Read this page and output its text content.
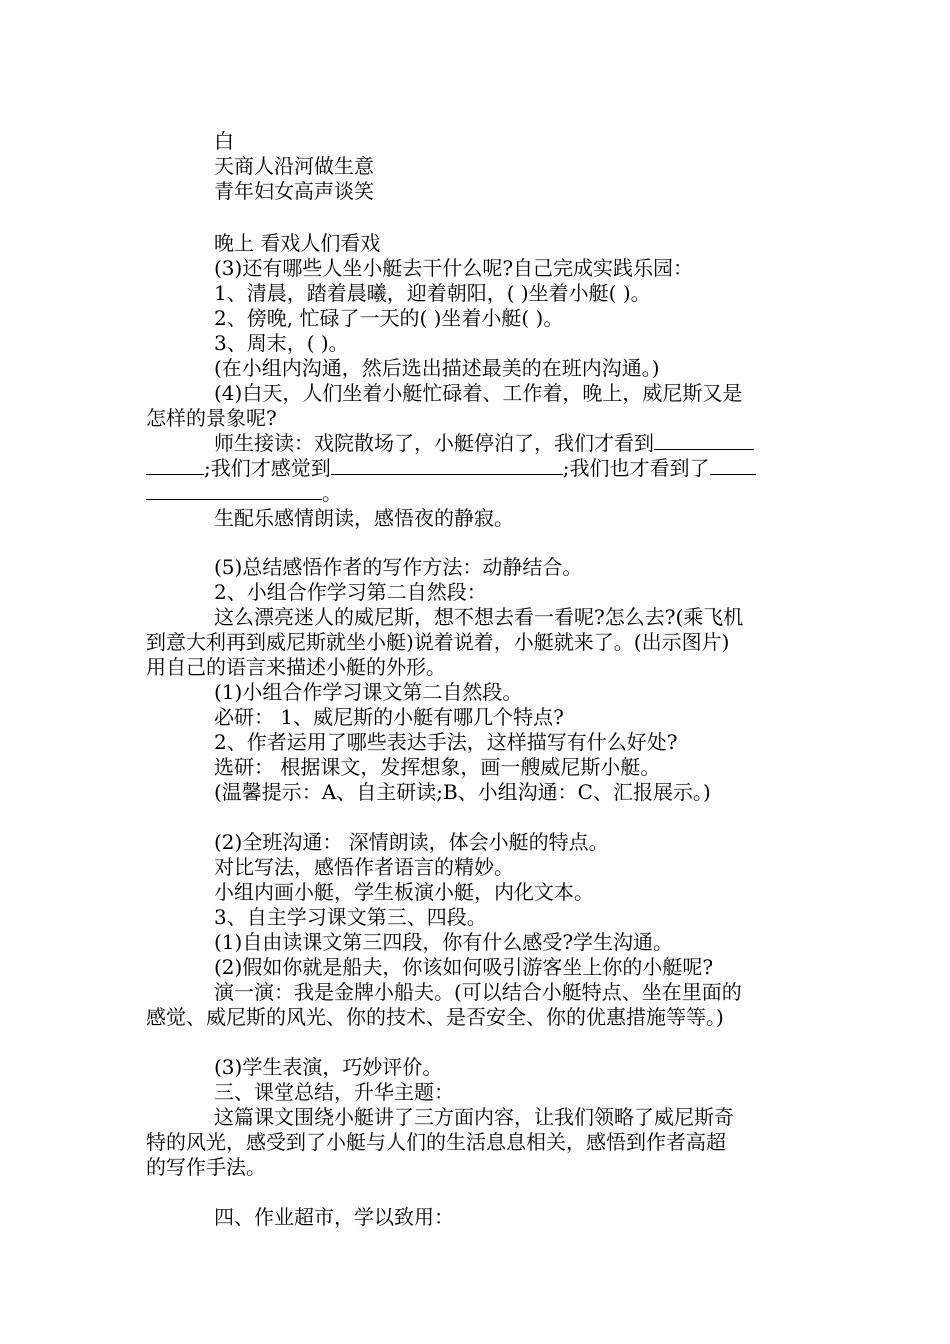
白
天商人沿河做生意
青年妇女高声谈笑
晚上 看戏人们看戏
(3)还有哪些人坐小艇去干什么呢?自己完成实践乐园：
1、清晨，踏着晨曦，迎着朝阳，( )坐着小艇( )。
2、傍晚, 忙碌了一天的( )坐着小艇( )。
3、周末，( )。
(在小组内沟通，然后选出描述最美的在班内沟通。)
(4)白天，人们坐着小艇忙碌着、工作着，晚上，威尼斯又是
怎样的景象呢?
师生接读：戏院散场了，小艇停泊了，我们才看到
;我们才感觉到	;我们也才看到了
。
生配乐感情朗读，感悟夜的静寂。
(5)总结感悟作者的写作方法：动静结合。
2、小组合作学习第二自然段：
这么漂亮迷人的威尼斯，想不想去看一看呢?怎么去?(乘飞机
到意大利再到威尼斯就坐小艇)说着说着，小艇就来了。(出示图片)
用自己的语言来描述小艇的外形。
(1)小组合作学习课文第二自然段。
必研： 1、威尼斯的小艇有哪几个特点?
2、作者运用了哪些表达手法，这样描写有什么好处?
选研： 根据课文，发挥想象，画一艘威尼斯小艇。
(温馨提示：A、自主研读;B、小组沟通：C、汇报展示。)
(2)全班沟通： 深情朗读，体会小艇的特点。
对比写法，感悟作者语言的精妙。
小组内画小艇，学生板演小艇，内化文本。
3、自主学习课文第三、四段。
(1)自由读课文第三四段，你有什么感受?学生沟通。
(2)假如你就是船夫，你该如何吸引游客坐上你的小艇呢?
演一演：我是金牌小船夫。(可以结合小艇特点、坐在里面的
感觉、威尼斯的风光、你的技术、是否安全、你的优惠措施等等。)
(3)学生表演，巧妙评价。
三、课堂总结，升华主题：
这篇课文围绕小艇讲了三方面内容，让我们领略了威尼斯奇
特的风光，感受到了小艇与人们的生活息息相关，感悟到作者高超
的写作手法。
四、作业超市，学以致用：
